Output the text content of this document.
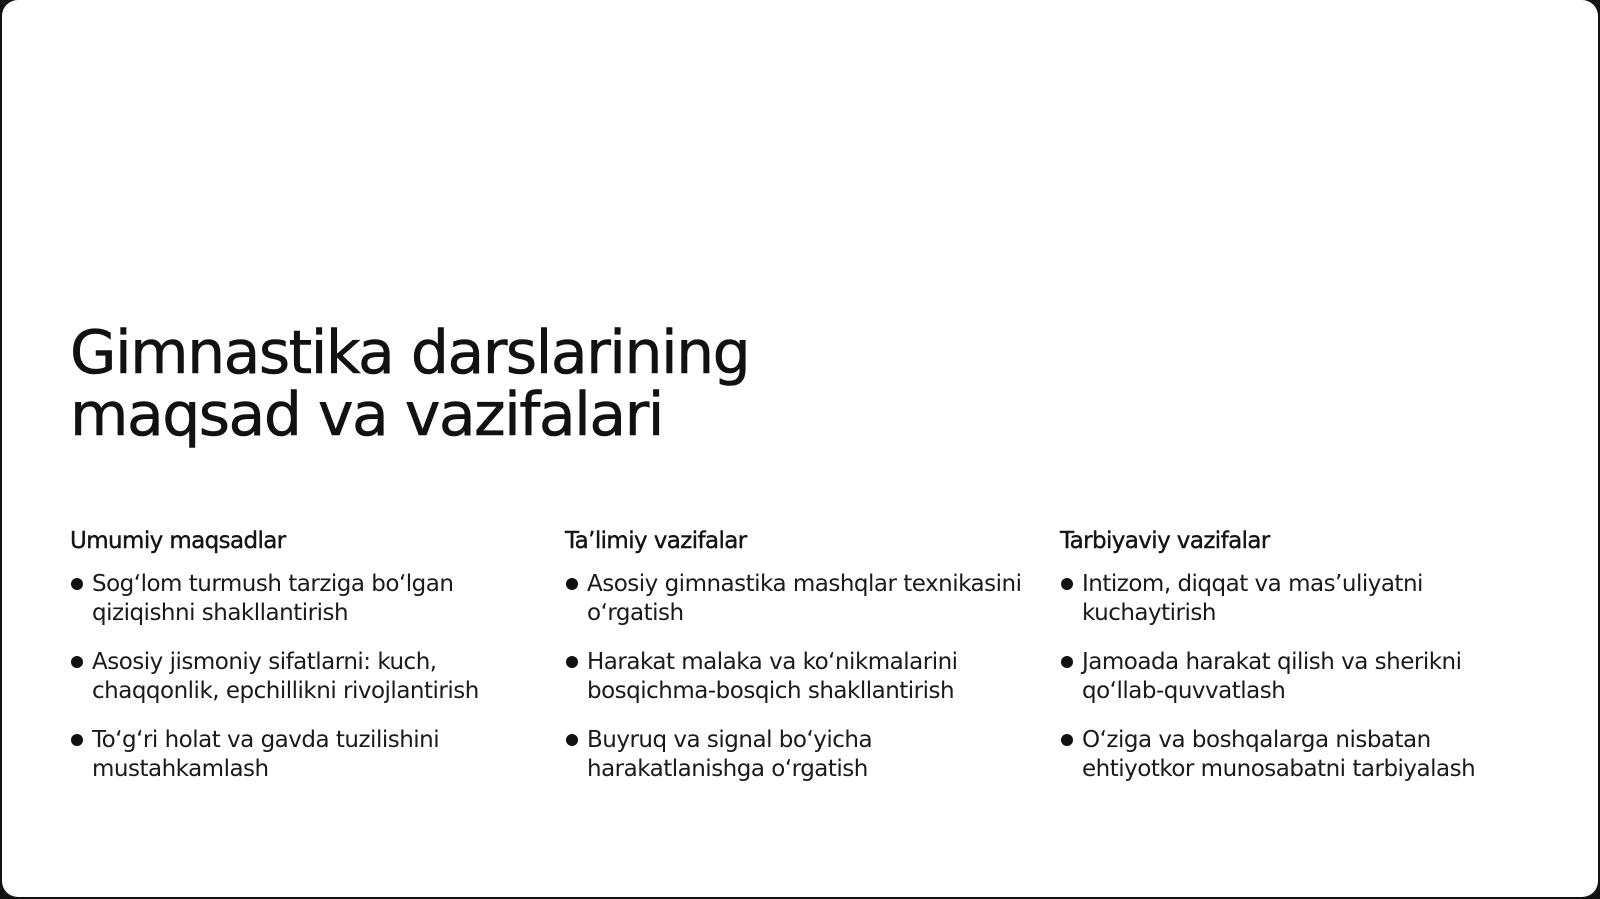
Gimnastika darslarining
maqsad va vazifalari
Umumiy maqsadlar
Sog‘lom turmush tarziga bo‘lgan qiziqishni shakllantirish
Asosiy jismoniy sifatlarni: kuch, chaqqonlik, epchillikni rivojlantirish
To‘g‘ri holat va gavda tuzilishini mustahkamlash
Ta’limiy vazifalar
Asosiy gimnastika mashqlar texnikasini o‘rgatish
Harakat malaka va ko‘nikmalarini bosqichma-bosqich shakllantirish
Buyruq va signal bo‘yicha harakatlanishga o‘rgatish
Tarbiyaviy vazifalar
Intizom, diqqat va mas’uliyatni kuchaytirish
Jamoada harakat qilish va sherikni qo‘llab-quvvatlash
O‘ziga va boshqalarga nisbatan ehtiyotkor munosabatni tarbiyalash
